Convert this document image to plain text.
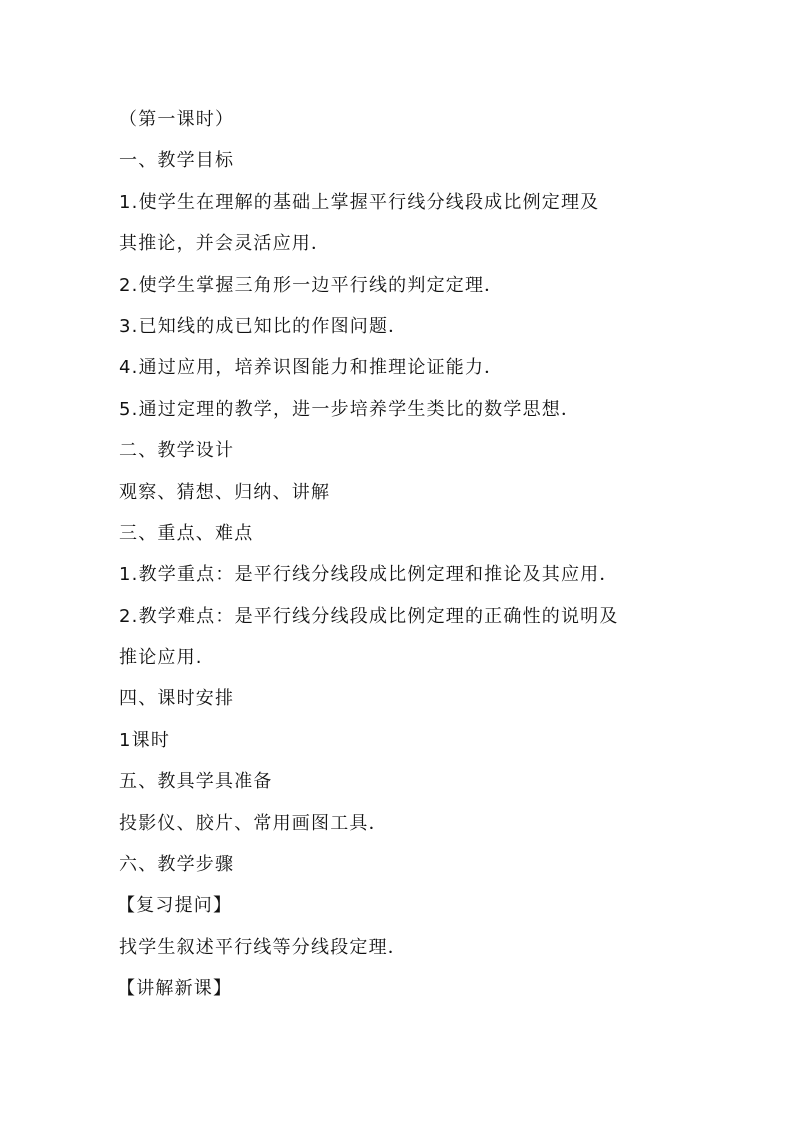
（第一课时）
一、教学目标
1.使学生在理解的基础上掌握平行线分线段成比例定理及
其推论，并会灵活应用．
2.使学生掌握三角形一边平行线的判定定理．
3.已知线的成已知比的作图问题．
4.通过应用，培养识图能力和推理论证能力．
5.通过定理的教学，进一步培养学生类比的数学思想．
二、教学设计
观察、猜想、归纳、讲解
三、重点、难点
1.教学重点：是平行线分线段成比例定理和推论及其应用．
2.教学难点：是平行线分线段成比例定理的正确性的说明及
推论应用.
四、课时安排
1课时
五、教具学具准备
投影仪、胶片、常用画图工具．
六、教学步骤
【复习提问】
找学生叙述平行线等分线段定理．
【讲解新课】
